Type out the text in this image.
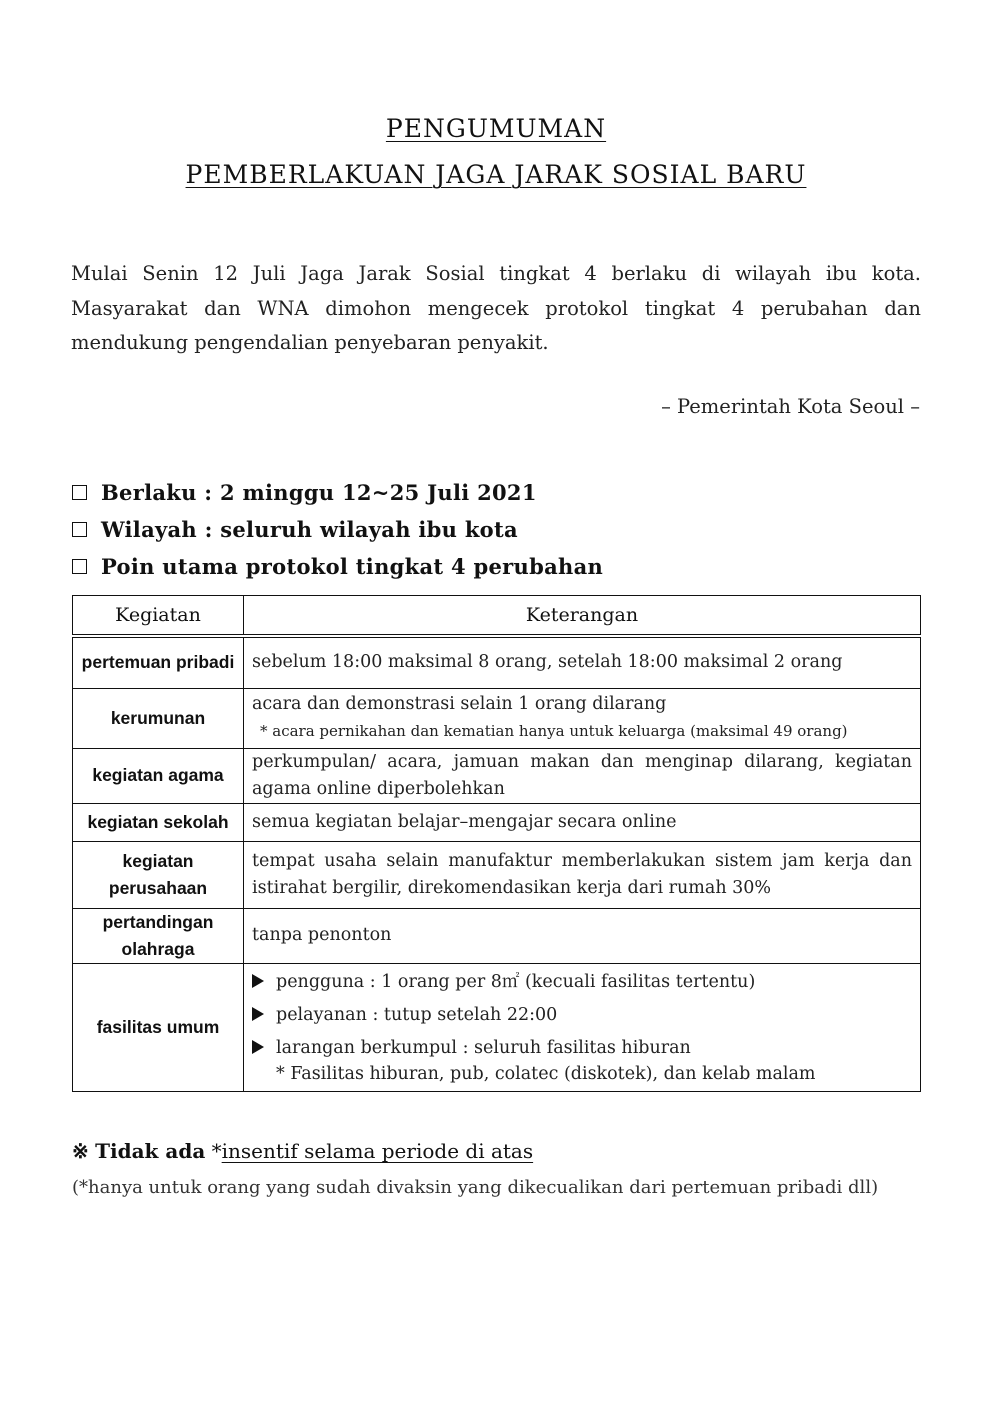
PENGUMUMAN
PEMBERLAKUAN JAGA JARAK SOSIAL BARU
Mulai Senin 12 Juli Jaga Jarak Sosial tingkat 4 berlaku di wilayah ibu kota. Masyarakat dan WNA dimohon mengecek protokol tingkat 4 perubahan dan mendukung pengendalian penyebaran penyakit.
– Pemerintah Kota Seoul –
Berlaku : 2 minggu 12~25 Juli 2021
Wilayah : seluruh wilayah ibu kota
Poin utama protokol tingkat 4 perubahan
Kegiatan	Keterangan
pertemuan pribadi	sebelum 18:00 maksimal 8 orang, setelah 18:00 maksimal 2 orang
kerumunan	acara dan demonstrasi selain 1 orang dilarang
* acara pernikahan dan kematian hanya untuk keluarga (maksimal 49 orang)

kegiatan agama	perkumpulan/ acara, jamuan makan dan menginap dilarang, kegiatan agama online diperbolehkan
kegiatan sekolah	semua kegiatan belajar–mengajar secara online
kegiatan perusahaan	tempat usaha selain manufaktur memberlakukan sistem jam kerja dan istirahat bergilir, direkomendasikan kerja dari rumah 30%
pertandingan olahraga	tanpa penonton
fasilitas umum	pengguna : 1 orang per 8㎡ (kecuali fasilitas tertentu)
pelayanan : tutup setelah 22:00
larangan berkumpul : seluruh fasilitas hiburan
* Fasilitas hiburan, pub, colatec (diskotek), dan kelab malam
※ Tidak ada *insentif selama periode di atas
(*hanya untuk orang yang sudah divaksin yang dikecualikan dari pertemuan pribadi dll)
